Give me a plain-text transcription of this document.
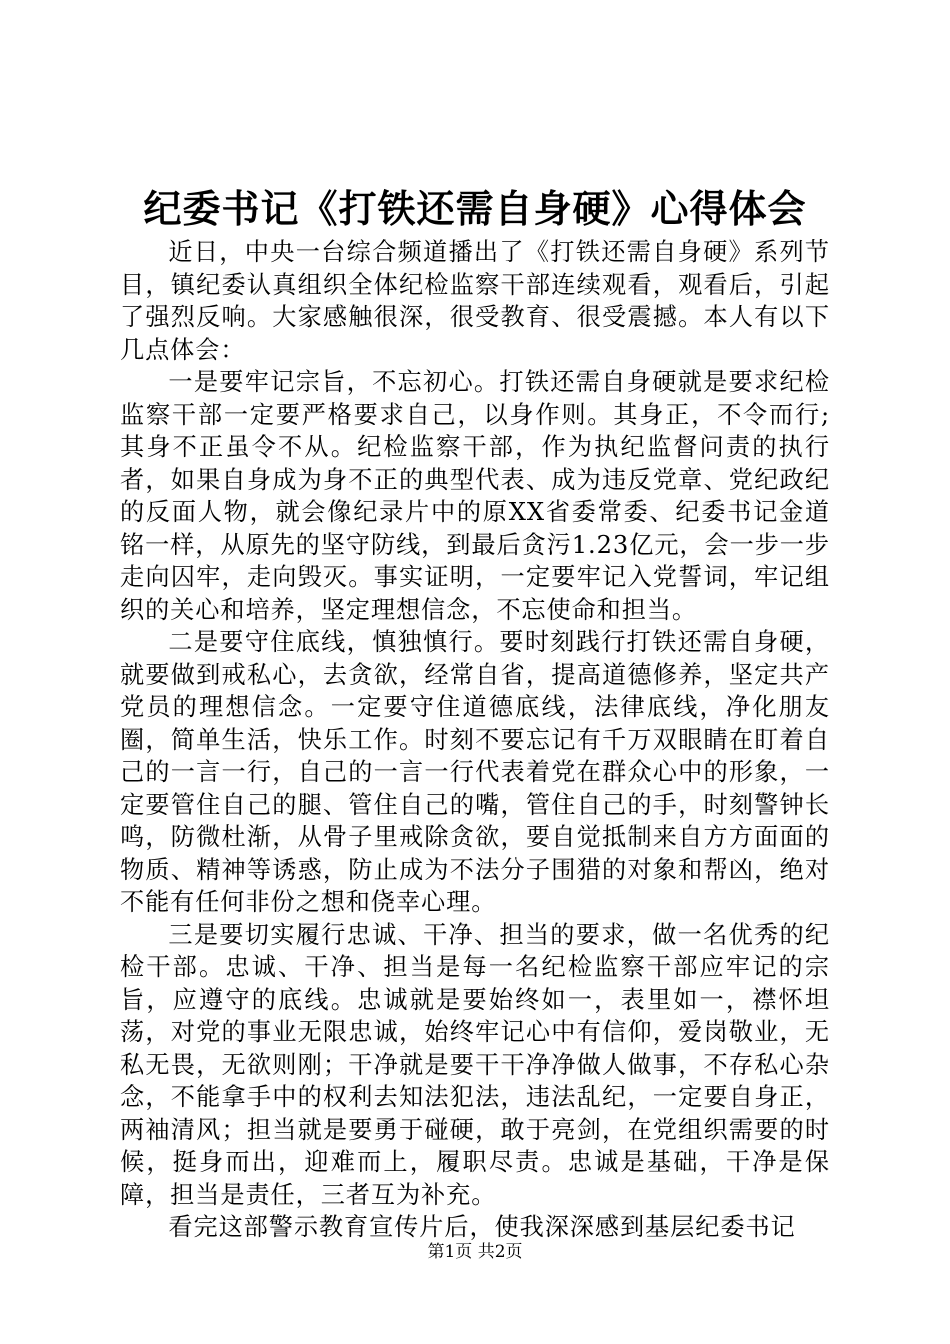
纪委书记《打铁还需自身硬》心得体会

近日，中央一台综合频道播出了《打铁还需自身硬》系列节目，镇纪委认真组织全体纪检监察干部连续观看，观看后，引起了强烈反响。大家感触很深，很受教育、很受震撼。本人有以下几点体会：

一是要牢记宗旨，不忘初心。打铁还需自身硬就是要求纪检监察干部一定要严格要求自己，以身作则。其身正，不令而行;其身不正虽令不从。纪检监察干部，作为执纪监督问责的执行者，如果自身成为身不正的典型代表、成为违反党章、党纪政纪的反面人物，就会像纪录片中的原XX省委常委、纪委书记金道铭一样，从原先的坚守防线，到最后贪污1.23亿元，会一步一步走向囚牢，走向毁灭。事实证明，一定要牢记入党誓词，牢记组织的关心和培养，坚定理想信念，不忘使命和担当。

二是要守住底线，慎独慎行。要时刻践行打铁还需自身硬，就要做到戒私心，去贪欲，经常自省，提高道德修养，坚定共产党员的理想信念。一定要守住道德底线，法律底线，净化朋友圈，简单生活，快乐工作。时刻不要忘记有千万双眼睛在盯着自己的一言一行，自己的一言一行代表着党在群众心中的形象，一定要管住自己的腿、管住自己的嘴，管住自己的手，时刻警钟长鸣，防微杜渐，从骨子里戒除贪欲，要自觉抵制来自方方面面的物质、精神等诱惑，防止成为不法分子围猎的对象和帮凶，绝对不能有任何非份之想和侥幸心理。

三是要切实履行忠诚、干净、担当的要求，做一名优秀的纪检干部。忠诚、干净、担当是每一名纪检监察干部应牢记的宗旨，应遵守的底线。忠诚就是要始终如一，表里如一，襟怀坦荡，对党的事业无限忠诚，始终牢记心中有信仰，爱岗敬业，无私无畏，无欲则刚；干净就是要干干净净做人做事，不存私心杂念，不能拿手中的权利去知法犯法，违法乱纪，一定要自身正，两袖清风；担当就是要勇于碰硬，敢于亮剑，在党组织需要的时候，挺身而出，迎难而上，履职尽责。忠诚是基础，干净是保障，担当是责任，三者互为补充。

看完这部警示教育宣传片后，使我深深感到基层纪委书记

第1页 共2页
